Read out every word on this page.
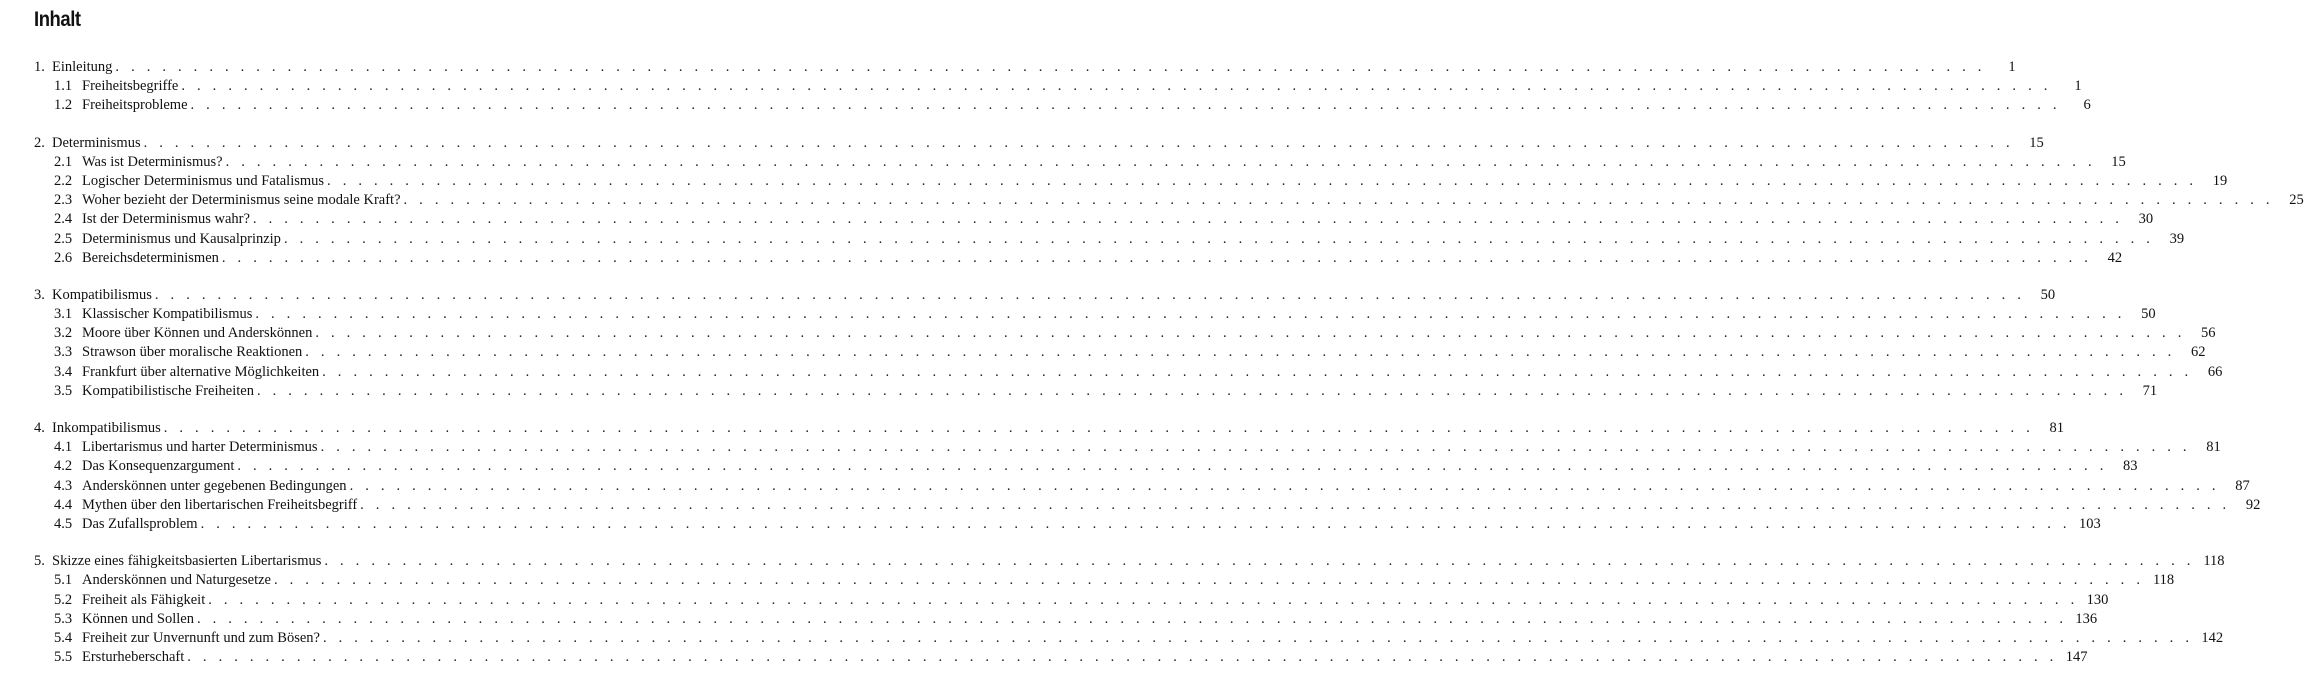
Inhalt
1. Einleitung . . . . . . . . . . . . . . . . . . . . . . . . . . . . . . . . . . . . . . . . . . . . . . . . . . . . . . . . . . . . . . . . . . . . . . . . . . . . . . . . . . . . . . . . . . . . . . . . . . . . . . . . . . . . . . . . . . . . . . . .	1
1.1 Freiheitsbegriffe . . . . . . . . . . . . . . . . . . . . . . . . . . . . . . . . . . . . . . . . . . . . . . . . . . . . . . . . . . . . . . . . . . . . . . . . . . . . . . . . . . . . . . . . . . . . . . . . . . . . . . . . . . . . . . . . . . . . . . . .	1
1.2 Freiheitsprobleme . . . . . . . . . . . . . . . . . . . . . . . . . . . . . . . . . . . . . . . . . . . . . . . . . . . . . . . . . . . . . . . . . . . . . . . . . . . . . . . . . . . . . . . . . . . . . . . . . . . . . . . . . . . . . . . . . . . . . . . .	6
2. Determinismus . . . . . . . . . . . . . . . . . . . . . . . . . . . . . . . . . . . . . . . . . . . . . . . . . . . . . . . . . . . . . . . . . . . . . . . . . . . . . . . . . . . . . . . . . . . . . . . . . . . . . . . . . . . . . . . . . . . . . . . .	15
2.1 Was ist Determinismus? . . . . . . . . . . . . . . . . . . . . . . . . . . . . . . . . . . . . . . . . . . . . . . . . . . . . . . . . . . . . . . . . . . . . . . . . . . . . . . . . . . . . . . . . . . . . . . . . . . . . . . . . . . . . . . . . . . . . . . . .	15
2.2 Logischer Determinismus und Fatalismus . . . . . . . . . . . . . . . . . . . . . . . . . . . . . . . . . . . . . . . . . . . . . . . . . . . . . . . . . . . . . . . . . . . . . . . . . . . . . . . . . . . . . . . . . . . . . . . . . . . . . . . . . . . . . . . . . . . . . . . .	19
2.3 Woher bezieht der Determinismus seine modale Kraft? . . . . . . . . . . . . . . . . . . . . . . . . . . . . . . . . . . . . . . . . . . . . . . . . . . . . . . . . . . . . . . . . . . . . . . . . . . . . . . . . . . . . . . . . . . . . . . . . . . . . . . . . . . . . . . . . . . . . . . . .	25
2.4 Ist der Determinismus wahr? . . . . . . . . . . . . . . . . . . . . . . . . . . . . . . . . . . . . . . . . . . . . . . . . . . . . . . . . . . . . . . . . . . . . . . . . . . . . . . . . . . . . . . . . . . . . . . . . . . . . . . . . . . . . . . . . . . . . . . . .	30
2.5 Determinismus und Kausalprinzip . . . . . . . . . . . . . . . . . . . . . . . . . . . . . . . . . . . . . . . . . . . . . . . . . . . . . . . . . . . . . . . . . . . . . . . . . . . . . . . . . . . . . . . . . . . . . . . . . . . . . . . . . . . . . . . . . . . . . . . .	39
2.6 Bereichsdeterminismen . . . . . . . . . . . . . . . . . . . . . . . . . . . . . . . . . . . . . . . . . . . . . . . . . . . . . . . . . . . . . . . . . . . . . . . . . . . . . . . . . . . . . . . . . . . . . . . . . . . . . . . . . . . . . . . . . . . . . . . .	42
3. Kompatibilismus . . . . . . . . . . . . . . . . . . . . . . . . . . . . . . . . . . . . . . . . . . . . . . . . . . . . . . . . . . . . . . . . . . . . . . . . . . . . . . . . . . . . . . . . . . . . . . . . . . . . . . . . . . . . . . . . . . . . . . . .	50
3.1 Klassischer Kompatibilismus . . . . . . . . . . . . . . . . . . . . . . . . . . . . . . . . . . . . . . . . . . . . . . . . . . . . . . . . . . . . . . . . . . . . . . . . . . . . . . . . . . . . . . . . . . . . . . . . . . . . . . . . . . . . . . . . . . . . . . . .	50
3.2 Moore über Können und Anderskönnen . . . . . . . . . . . . . . . . . . . . . . . . . . . . . . . . . . . . . . . . . . . . . . . . . . . . . . . . . . . . . . . . . . . . . . . . . . . . . . . . . . . . . . . . . . . . . . . . . . . . . . . . . . . . . . . . . . . . . . . .	56
3.3 Strawson über moralische Reaktionen . . . . . . . . . . . . . . . . . . . . . . . . . . . . . . . . . . . . . . . . . . . . . . . . . . . . . . . . . . . . . . . . . . . . . . . . . . . . . . . . . . . . . . . . . . . . . . . . . . . . . . . . . . . . . . . . . . . . . . . .	62
3.4 Frankfurt über alternative Möglichkeiten . . . . . . . . . . . . . . . . . . . . . . . . . . . . . . . . . . . . . . . . . . . . . . . . . . . . . . . . . . . . . . . . . . . . . . . . . . . . . . . . . . . . . . . . . . . . . . . . . . . . . . . . . . . . . . . . . . . . . . . .	66
3.5 Kompatibilistische Freiheiten . . . . . . . . . . . . . . . . . . . . . . . . . . . . . . . . . . . . . . . . . . . . . . . . . . . . . . . . . . . . . . . . . . . . . . . . . . . . . . . . . . . . . . . . . . . . . . . . . . . . . . . . . . . . . . . . . . . . . . . .	71
4. Inkompatibilismus . . . . . . . . . . . . . . . . . . . . . . . . . . . . . . . . . . . . . . . . . . . . . . . . . . . . . . . . . . . . . . . . . . . . . . . . . . . . . . . . . . . . . . . . . . . . . . . . . . . . . . . . . . . . . . . . . . . . . . . .	81
4.1 Libertarismus und harter Determinismus . . . . . . . . . . . . . . . . . . . . . . . . . . . . . . . . . . . . . . . . . . . . . . . . . . . . . . . . . . . . . . . . . . . . . . . . . . . . . . . . . . . . . . . . . . . . . . . . . . . . . . . . . . . . . . . . . . . . . . . .	81
4.2 Das Konsequenzargument . . . . . . . . . . . . . . . . . . . . . . . . . . . . . . . . . . . . . . . . . . . . . . . . . . . . . . . . . . . . . . . . . . . . . . . . . . . . . . . . . . . . . . . . . . . . . . . . . . . . . . . . . . . . . . . . . . . . . . . .	83
4.3 Anderskönnen unter gegebenen Bedingungen . . . . . . . . . . . . . . . . . . . . . . . . . . . . . . . . . . . . . . . . . . . . . . . . . . . . . . . . . . . . . . . . . . . . . . . . . . . . . . . . . . . . . . . . . . . . . . . . . . . . . . . . . . . . . . . . . . . . . . . .	87
4.4 Mythen über den libertarischen Freiheitsbegriff . . . . . . . . . . . . . . . . . . . . . . . . . . . . . . . . . . . . . . . . . . . . . . . . . . . . . . . . . . . . . . . . . . . . . . . . . . . . . . . . . . . . . . . . . . . . . . . . . . . . . . . . . . . . . . . . . . . . . . . .	92
4.5 Das Zufallsproblem . . . . . . . . . . . . . . . . . . . . . . . . . . . . . . . . . . . . . . . . . . . . . . . . . . . . . . . . . . . . . . . . . . . . . . . . . . . . . . . . . . . . . . . . . . . . . . . . . . . . . . . . . . . . . . . . . . . . . . . . 103
5. Skizze eines fähigkeitsbasierten Libertarismus . . . . . . . . . . . . . . . . . . . . . . . . . . . . . . . . . . . . . . . . . . . . . . . . . . . . . . . . . . . . . . . . . . . . . . . . . . . . . . . . . . . . . . . . . . . . . . . . . . . . . . . . . . . . . . . . . . . . . . . . 118
5.1 Anderskönnen und Naturgesetze . . . . . . . . . . . . . . . . . . . . . . . . . . . . . . . . . . . . . . . . . . . . . . . . . . . . . . . . . . . . . . . . . . . . . . . . . . . . . . . . . . . . . . . . . . . . . . . . . . . . . . . . . . . . . . . . . . . . . . . . 118
5.2 Freiheit als Fähigkeit . . . . . . . . . . . . . . . . . . . . . . . . . . . . . . . . . . . . . . . . . . . . . . . . . . . . . . . . . . . . . . . . . . . . . . . . . . . . . . . . . . . . . . . . . . . . . . . . . . . . . . . . . . . . . . . . . . . . . . . . 130
5.3 Können und Sollen . . . . . . . . . . . . . . . . . . . . . . . . . . . . . . . . . . . . . . . . . . . . . . . . . . . . . . . . . . . . . . . . . . . . . . . . . . . . . . . . . . . . . . . . . . . . . . . . . . . . . . . . . . . . . . . . . . . . . . . . 136
5.4 Freiheit zur Unvernunft und zum Bösen? . . . . . . . . . . . . . . . . . . . . . . . . . . . . . . . . . . . . . . . . . . . . . . . . . . . . . . . . . . . . . . . . . . . . . . . . . . . . . . . . . . . . . . . . . . . . . . . . . . . . . . . . . . . . . . . . . . . . . . . . 142
5.5 Ersturheberschaft . . . . . . . . . . . . . . . . . . . . . . . . . . . . . . . . . . . . . . . . . . . . . . . . . . . . . . . . . . . . . . . . . . . . . . . . . . . . . . . . . . . . . . . . . . . . . . . . . . . . . . . . . . . . . . . . . . . . . . . . 147
